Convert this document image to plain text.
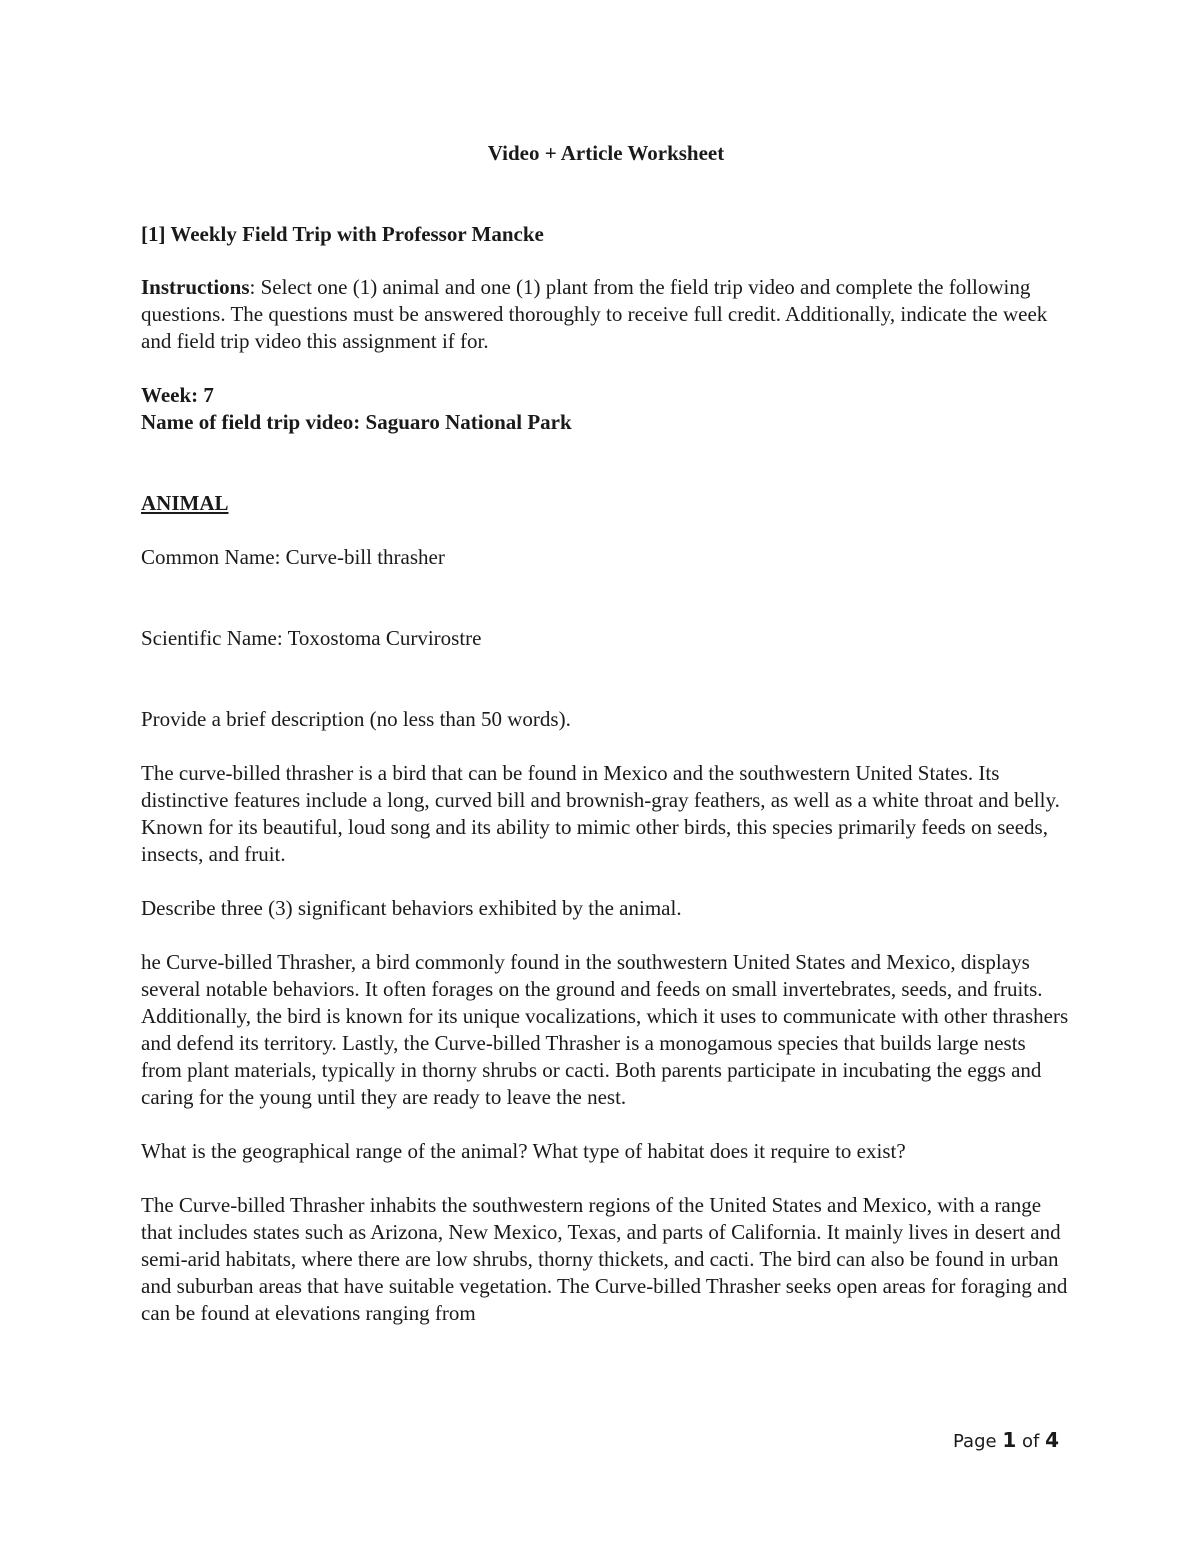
Video + Article Worksheet

[1] Weekly Field Trip with Professor Mancke

Instructions: Select one (1) animal and one (1) plant from the field trip video and complete the following questions. The questions must be answered thoroughly to receive full credit. Additionally, indicate the week and field trip video this assignment if for.

Week: 7

Name of field trip video: Saguaro National Park

ANIMAL

Common Name: Curve-bill thrasher

Scientific Name: Toxostoma Curvirostre

Provide a brief description (no less than 50 words).

The curve-billed thrasher is a bird that can be found in Mexico and the southwestern United States. Its distinctive features include a long, curved bill and brownish-gray feathers, as well as a white throat and belly. Known for its beautiful, loud song and its ability to mimic other birds, this species primarily feeds on seeds, insects, and fruit.

Describe three (3) significant behaviors exhibited by the animal.

he Curve-billed Thrasher, a bird commonly found in the southwestern United States and Mexico, displays several notable behaviors. It often forages on the ground and feeds on small invertebrates, seeds, and fruits. Additionally, the bird is known for its unique vocalizations, which it uses to communicate with other thrashers and defend its territory. Lastly, the Curve-billed Thrasher is a monogamous species that builds large nests from plant materials, typically in thorny shrubs or cacti. Both parents participate in incubating the eggs and caring for the young until they are ready to leave the nest.

What is the geographical range of the animal? What type of habitat does it require to exist?

The Curve-billed Thrasher inhabits the southwestern regions of the United States and Mexico, with a range that includes states such as Arizona, New Mexico, Texas, and parts of California. It mainly lives in desert and semi-arid habitats, where there are low shrubs, thorny thickets, and cacti. The bird can also be found in urban and suburban areas that have suitable vegetation. The Curve-billed Thrasher seeks open areas for foraging and can be found at elevations ranging from

Page 1 of 4
